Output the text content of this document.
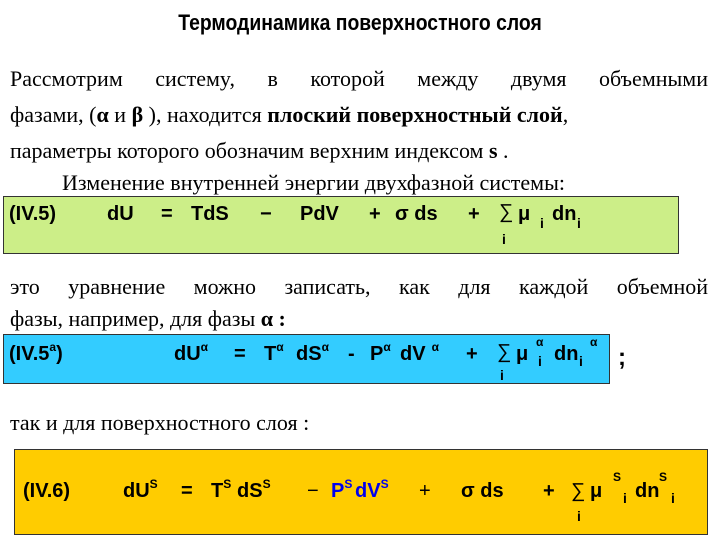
Термодинамика поверхностного слоя
Рассмотрим системy, в которой между двумя объемными
фазами, (α и β ), находится плоский поверхностный слой,
параметры которого обозначим верхним индексом s .
Изменение внутренней энергии двухфазной системы:
(IV.5)	dU = TdS − PdV + σ ds + ∑ μ i dn i
i
это уравнение можно записать, как для каждой объемной
фазы, например, для фазы α :
(IV.5$^a$)	$dU^\alpha = T^\alpha$ $dS^\alpha - P^\alpha$ dV $^\alpha$ + ∑ μ
α
i dn i
α
i
;
так и для поверхностного слоя :
(IV.6)	$dU^S = T^S$ $dS^S - P^S$ $dV^S + \sigma$ ds + ∑ μ
S
i dn
S
i
i
